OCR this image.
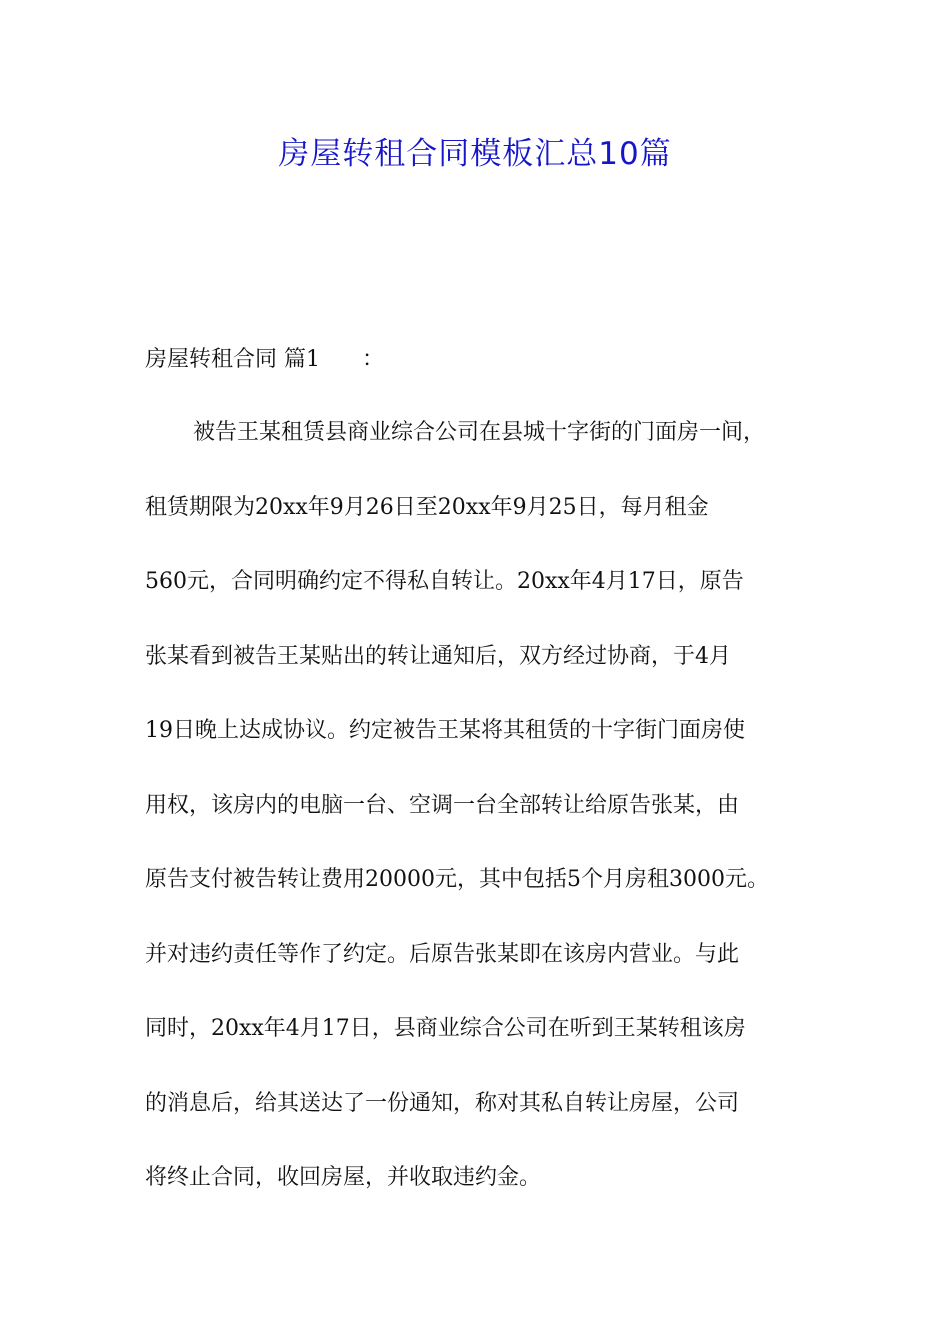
房屋转租合同模板汇总10篇

房屋转租合同 篇1      ：

被告王某租赁县商业综合公司在县城十字街的门面房一间，
租赁期限为20xx年9月26日至20xx年9月25日，每月租金
560元，合同明确约定不得私自转让。20xx年4月17日，原告
张某看到被告王某贴出的转让通知后，双方经过协商，于4月
19日晚上达成协议。约定被告王某将其租赁的十字街门面房使
用权，该房内的电脑一台、空调一台全部转让给原告张某，由
原告支付被告转让费用20000元，其中包括5个月房租3000元。
并对违约责任等作了约定。后原告张某即在该房内营业。与此
同时，20xx年4月17日，县商业综合公司在听到王某转租该房
的消息后，给其送达了一份通知，称对其私自转让房屋，公司
将终止合同，收回房屋，并收取违约金。
